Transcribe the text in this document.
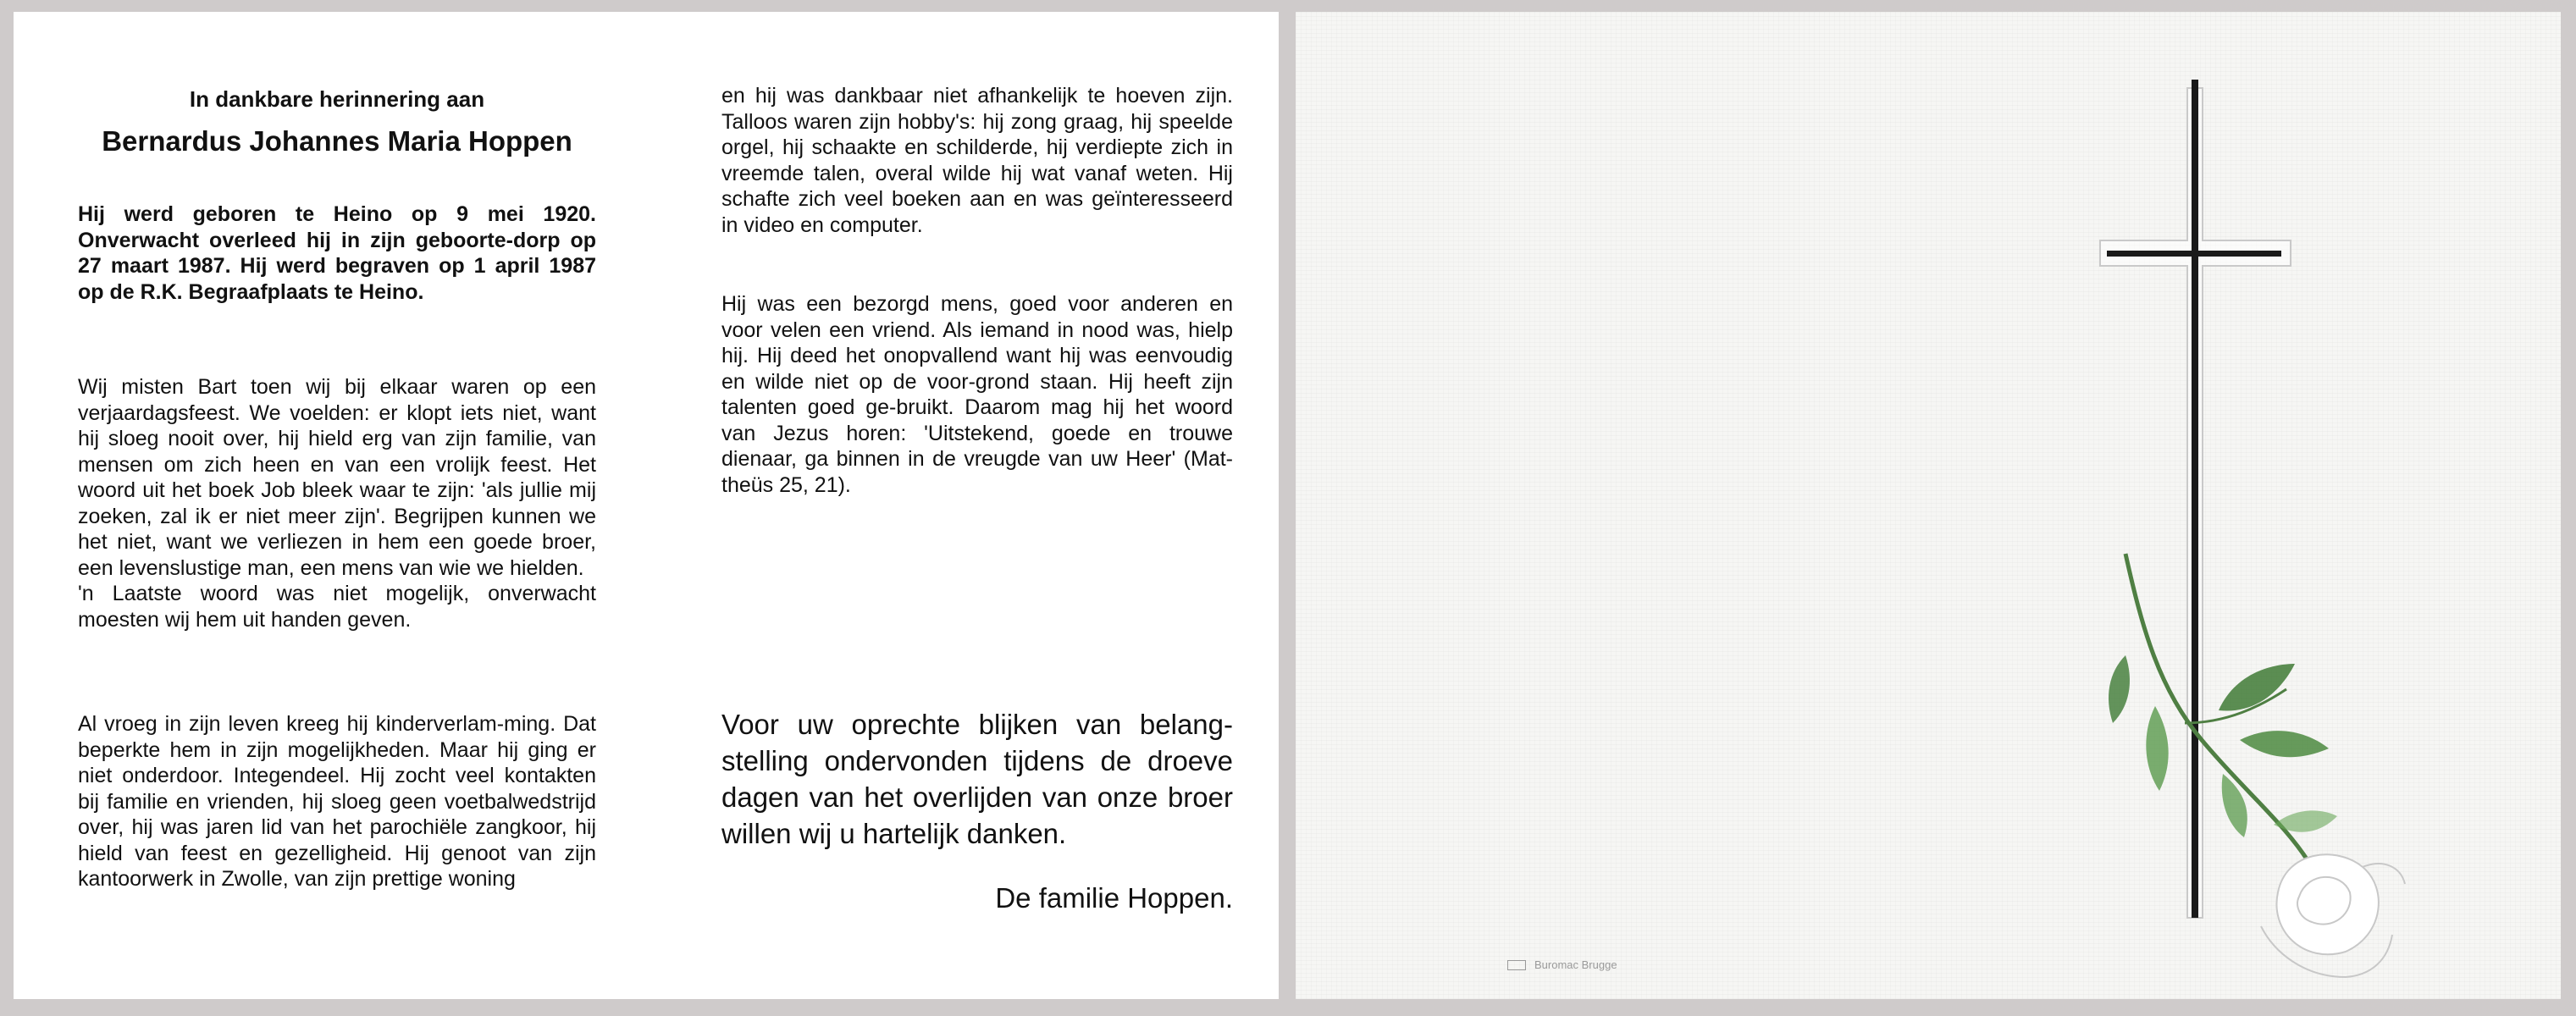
In dankbare herinnering aan

Bernardus Johannes Maria Hoppen

Hij werd geboren te Heino op 9 mei 1920. Onverwacht overleed hij in zijn geboorte-dorp op 27 maart 1987. Hij werd begraven op 1 april 1987 op de R.K. Begraafplaats te Heino.

Wij misten Bart toen wij bij elkaar waren op een verjaardagsfeest. We voelden: er klopt iets niet, want hij sloeg nooit over, hij hield erg van zijn familie, van mensen om zich heen en van een vrolijk feest. Het woord uit het boek Job bleek waar te zijn: 'als jullie mij zoeken, zal ik er niet meer zijn'. Begrijpen kunnen we het niet, want we verliezen in hem een goede broer, een levenslustige man, een mens van wie we hielden.
'n Laatste woord was niet mogelijk, onverwacht moesten wij hem uit handen geven.

Al vroeg in zijn leven kreeg hij kinderverlam-ming. Dat beperkte hem in zijn mogelijkheden. Maar hij ging er niet onderdoor. Integendeel. Hij zocht veel kontakten bij familie en vrienden, hij sloeg geen voetbalwedstrijd over, hij was jaren lid van het parochiële zangkoor, hij hield van feest en gezelligheid. Hij genoot van zijn kantoorwerk in Zwolle, van zijn prettige woning

en hij was dankbaar niet afhankelijk te hoeven zijn. Talloos waren zijn hobby's: hij zong graag, hij speelde orgel, hij schaakte en schilderde, hij verdiepte zich in vreemde talen, overal wilde hij wat vanaf weten. Hij schafte zich veel boeken aan en was geïnteresseerd in video en computer.

Hij was een bezorgd mens, goed voor anderen en voor velen een vriend. Als iemand in nood was, hielp hij. Hij deed het onopvallend want hij was eenvoudig en wilde niet op de voor-grond staan. Hij heeft zijn talenten goed ge-bruikt. Daarom mag hij het woord van Jezus horen: 'Uitstekend, goede en trouwe dienaar, ga binnen in de vreugde van uw Heer' (Mat-theüs 25, 21).

Voor uw oprechte blijken van belang-stelling ondervonden tijdens de droeve dagen van het overlijden van onze broer willen wij u hartelijk danken.

De familie Hoppen.

Buromac Brugge
